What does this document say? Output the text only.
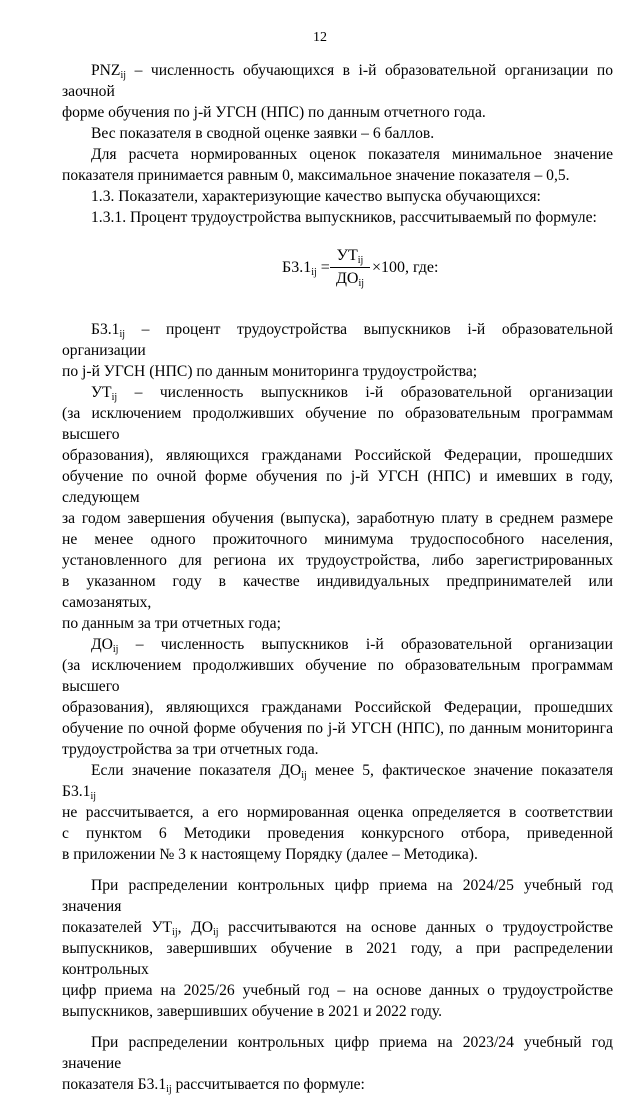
12

$PNZ_{ij}$ – численность обучающихся в i-й образовательной организации по заочной

форме обучения по j-й УГСН (НПС) по данным отчетного года.

Вес показателя в сводной оценке заявки – 6 баллов.

Для расчета нормированных оценок показателя минимальное значение

показателя принимается равным 0, максимальное значение показателя – 0,5.

1.3. Показатели, характеризующие качество выпуска обучающихся:

1.3.1. Процент трудоустройства выпускников, рассчитываемый по формуле:

$Б3.1_{ij}$ =
$УТ_{ij}$
$ДО_{ij}$
×100, где:

$Б3.1_{ij}$ – процент трудоустройства выпускников i-й образовательной организации

по j-й УГСН (НПС) по данным мониторинга трудоустройства;

$УТ_{ij}$ – численность выпускников i-й образовательной организации

(за исключением продолживших обучение по образовательным программам высшего

образования), являющихся гражданами Российской Федерации, прошедших

обучение по очной форме обучения по j-й УГСН (НПС) и имевших в году, следующем

за годом завершения обучения (выпуска), заработную плату в среднем размере

не менее одного прожиточного минимума трудоспособного населения,

установленного для региона их трудоустройства, либо зарегистрированных

в указанном году в качестве индивидуальных предпринимателей или самозанятых,

по данным за три отчетных года;

$ДО_{ij}$ – численность выпускников i-й образовательной организации

(за исключением продолживших обучение по образовательным программам высшего

образования), являющихся гражданами Российской Федерации, прошедших

обучение по очной форме обучения по j-й УГСН (НПС), по данным мониторинга

трудоустройства за три отчетных года.

Если значение показателя $ДО_{ij}$ менее 5, фактическое значение показателя $Б3.1_{ij}$

не рассчитывается, а его нормированная оценка определяется в соответствии

с пунктом 6 Методики проведения конкурсного отбора, приведенной

в приложении № 3 к настоящему Порядку (далее – Методика).

При распределении контрольных цифр приема на 2024/25 учебный год значения

показателей $УТ_{ij}$, $ДО_{ij}$ рассчитываются на основе данных о трудоустройстве

выпускников, завершивших обучение в 2021 году, а при распределении контрольных

цифр приема на 2025/26 учебный год – на основе данных о трудоустройстве

выпускников, завершивших обучение в 2021 и 2022 году.

При распределении контрольных цифр приема на 2023/24 учебный год значение

показателя $Б3.1_{ij}$ рассчитывается по формуле:
